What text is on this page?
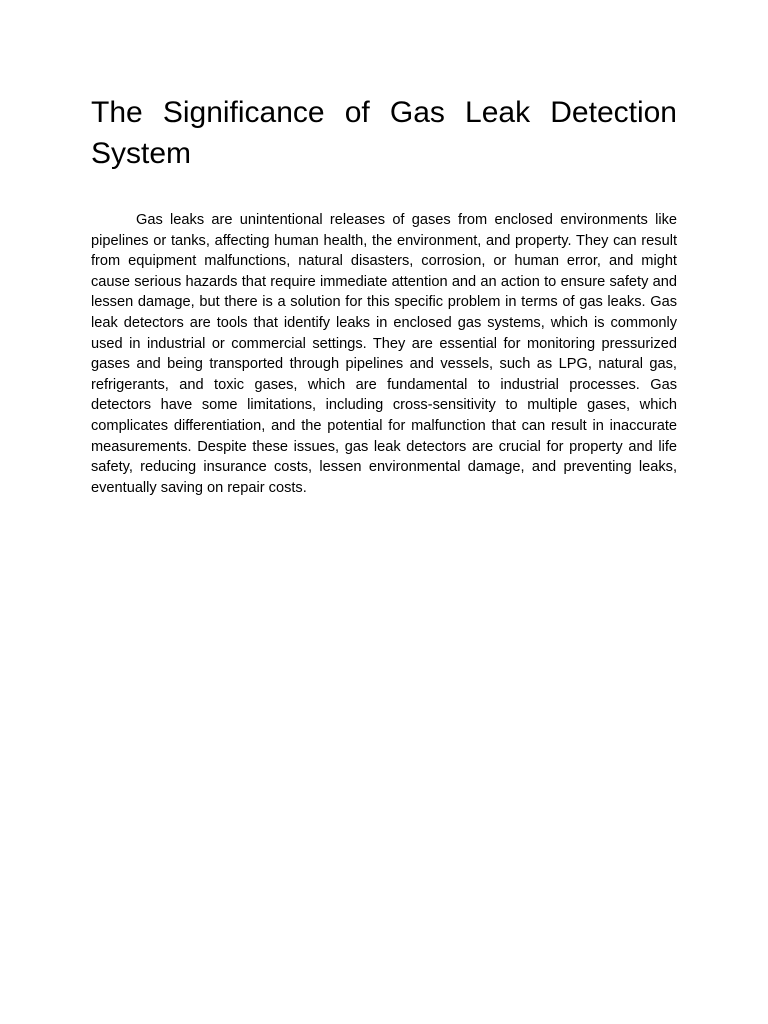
The Significance of Gas Leak Detection System

Gas leaks are unintentional releases of gases from enclosed environments like pipelines or tanks, affecting human health, the environment, and property. They can result from equipment malfunctions, natural disasters, corrosion, or human error, and might cause serious hazards that require immediate attention and an action to ensure safety and lessen damage, but there is a solution for this specific problem in terms of gas leaks. Gas leak detectors are tools that identify leaks in enclosed gas systems, which is commonly used in industrial or commercial settings. They are essential for monitoring pressurized gases and being transported through pipelines and vessels, such as LPG, natural gas, refrigerants, and toxic gases, which are fundamental to industrial processes. Gas detectors have some limitations, including cross-sensitivity to multiple gases, which complicates differentiation, and the potential for malfunction that can result in inaccurate measurements. Despite these issues, gas leak detectors are crucial for property and life safety, reducing insurance costs, lessen environmental damage, and preventing leaks, eventually saving on repair costs.
